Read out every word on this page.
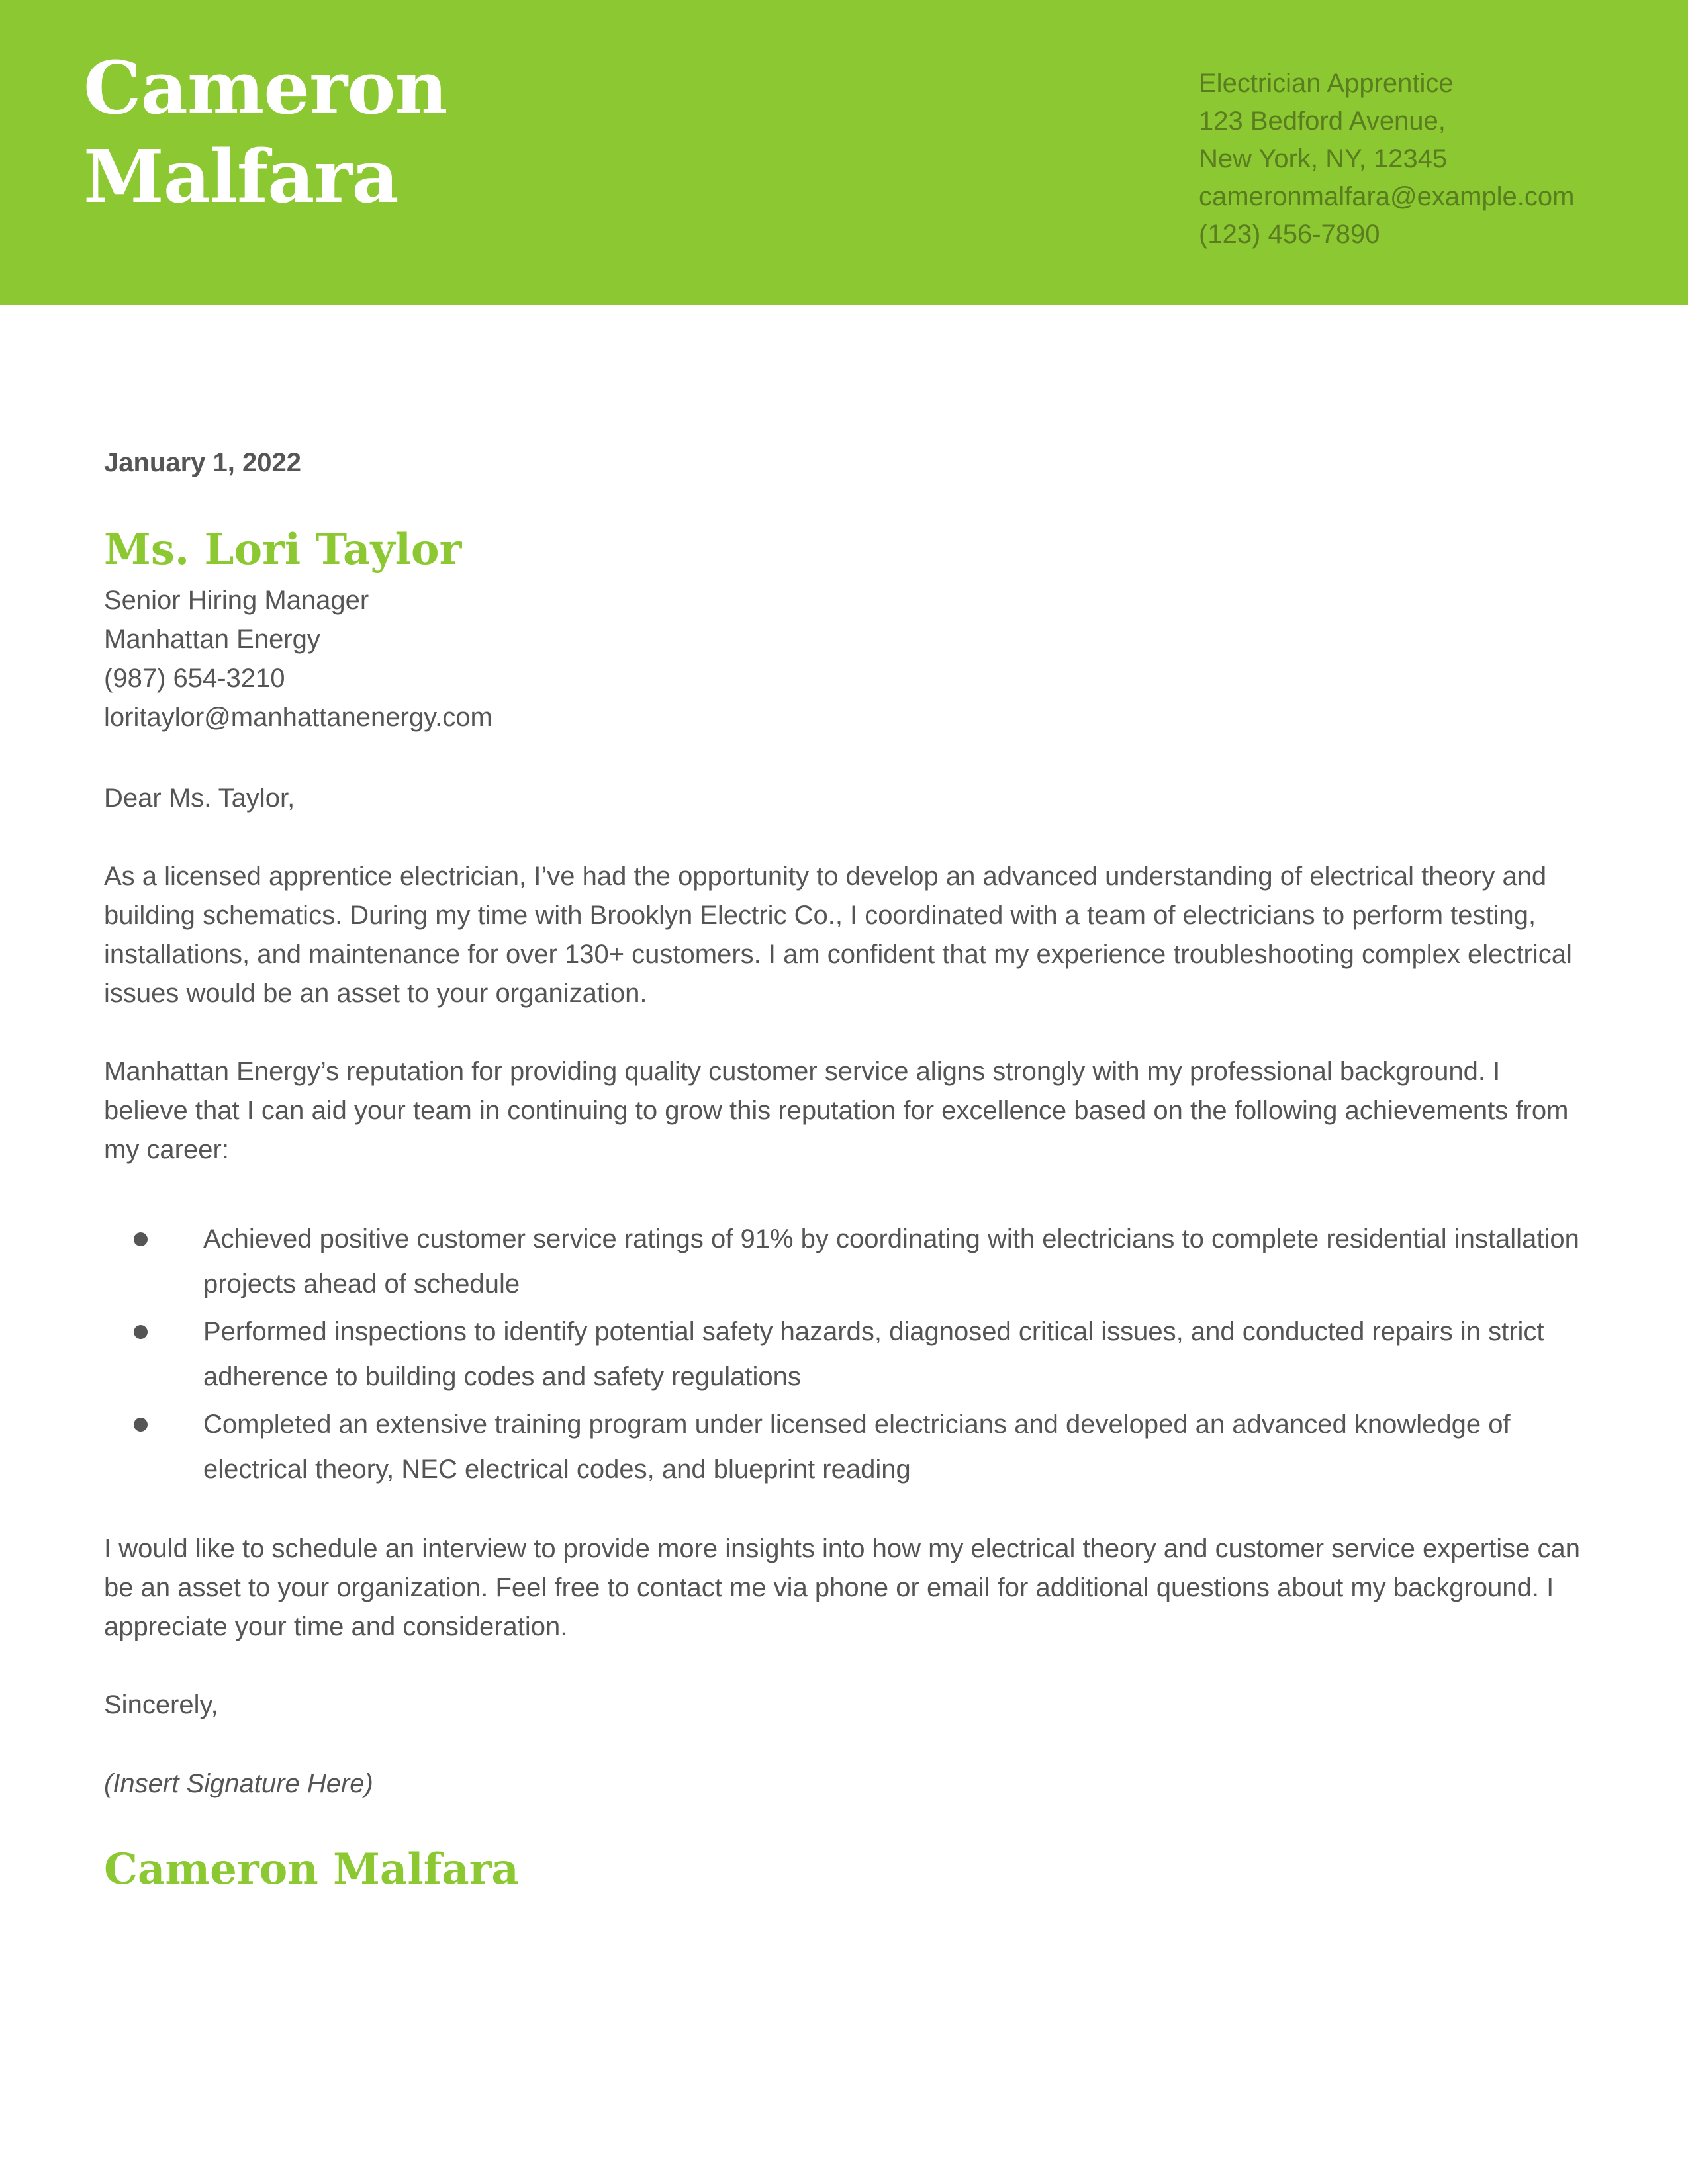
Cameron
Malfara
Electrician Apprentice
123 Bedford Avenue,
New York, NY, 12345
cameronmalfara@example.com
(123) 456-7890
January 1, 2022
Ms. Lori Taylor
Senior Hiring Manager
Manhattan Energy
(987) 654-3210
loritaylor@manhattanenergy.com
Dear Ms. Taylor,
As a licensed apprentice electrician, I’ve had the opportunity to develop an advanced understanding of electrical theory and building schematics. During my time with Brooklyn Electric Co., I coordinated with a team of electricians to perform testing, installations, and maintenance for over 130+ customers. I am confident that my experience troubleshooting complex electrical issues would be an asset to your organization.
Manhattan Energy’s reputation for providing quality customer service aligns strongly with my professional background. I believe that I can aid your team in continuing to grow this reputation for excellence based on the following achievements from my career:
Achieved positive customer service ratings of 91% by coordinating with electricians to complete residential installation projects ahead of schedule
Performed inspections to identify potential safety hazards, diagnosed critical issues, and conducted repairs in strict adherence to building codes and safety regulations
Completed an extensive training program under licensed electricians and developed an advanced knowledge of electrical theory, NEC electrical codes, and blueprint reading
I would like to schedule an interview to provide more insights into how my electrical theory and customer service expertise can be an asset to your organization. Feel free to contact me via phone or email for additional questions about my background. I appreciate your time and consideration.
Sincerely,
(Insert Signature Here)
Cameron Malfara
